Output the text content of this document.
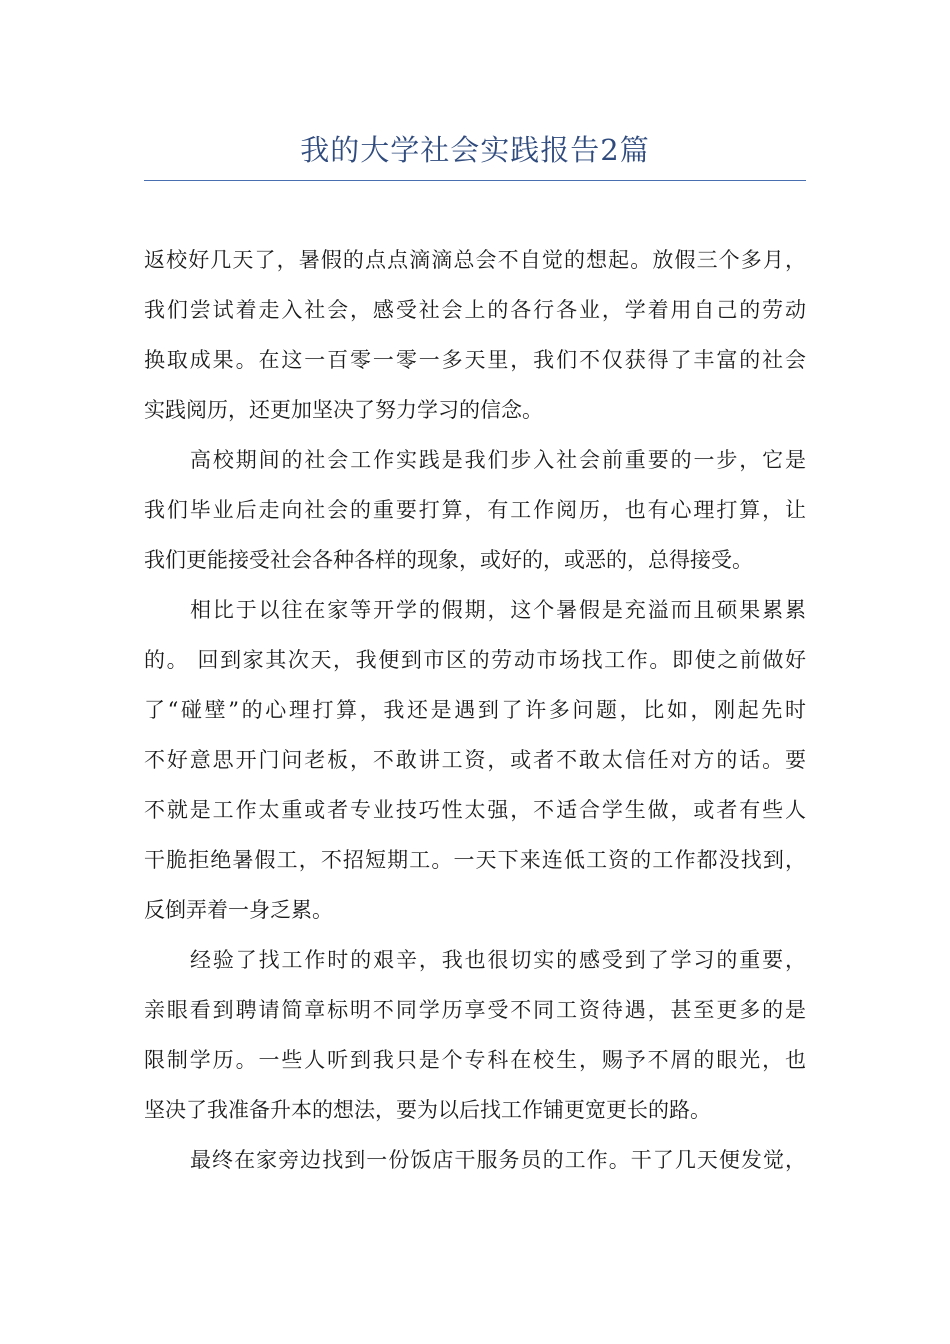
我的大学社会实践报告2篇
返校好几天了，暑假的点点滴滴总会不自觉的想起。放假三个多月，
我们尝试着走入社会，感受社会上的各行各业，学着用自己的劳动
换取成果。在这一百零一零一多天里，我们不仅获得了丰富的社会
实践阅历，还更加坚决了努力学习的信念。
高校期间的社会工作实践是我们步入社会前重要的一步，它是
我们毕业后走向社会的重要打算，有工作阅历，也有心理打算，让
我们更能接受社会各种各样的现象，或好的，或恶的，总得接受。
相比于以往在家等开学的假期，这个暑假是充溢而且硕果累累
的。 回到家其次天，我便到市区的劳动市场找工作。即使之前做好
了“碰壁”的心理打算，我还是遇到了许多问题，比如，刚起先时
不好意思开门问老板，不敢讲工资，或者不敢太信任对方的话。要
不就是工作太重或者专业技巧性太强，不适合学生做，或者有些人
干脆拒绝暑假工，不招短期工。一天下来连低工资的工作都没找到，
反倒弄着一身乏累。
经验了找工作时的艰辛，我也很切实的感受到了学习的重要，
亲眼看到聘请简章标明不同学历享受不同工资待遇，甚至更多的是
限制学历。一些人听到我只是个专科在校生，赐予不屑的眼光，也
坚决了我准备升本的想法，要为以后找工作铺更宽更长的路。
最终在家旁边找到一份饭店干服务员的工作。干了几天便发觉，
